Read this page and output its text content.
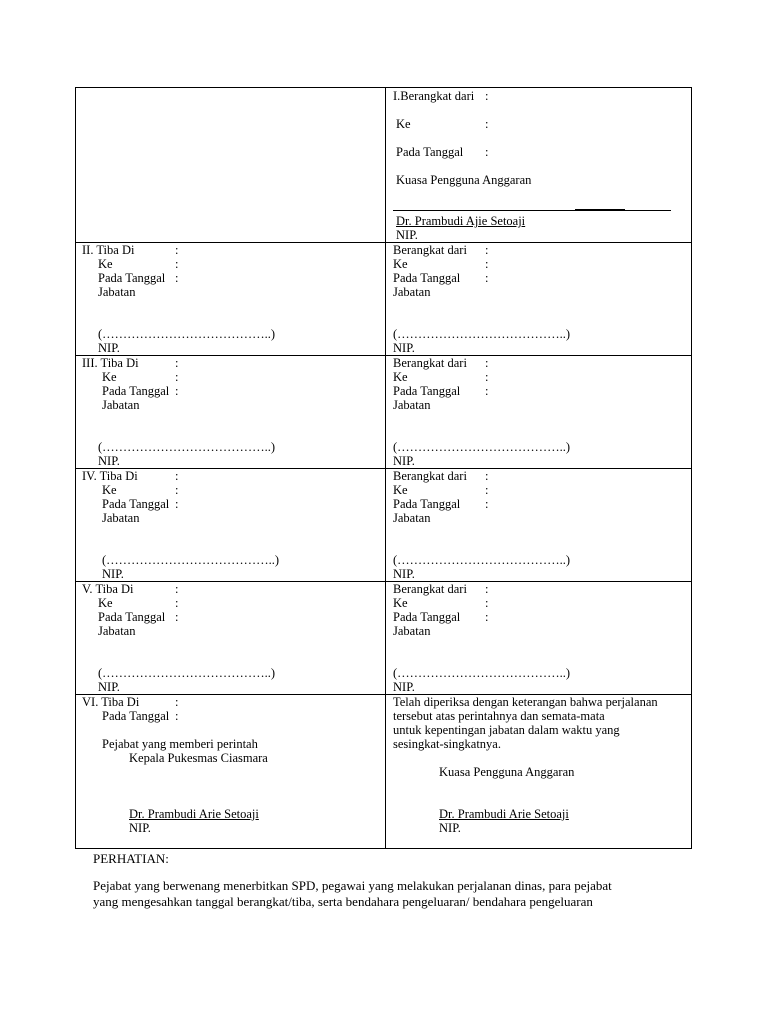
I.Berangkat dari :
Ke	:
Pada Tanggal :
Kuasa Pengguna Anggaran
Dr. Prambudi Ajie Setoaji
NIP.
II. Tiba Di	:
Ke	:
Pada Tanggal :
Jabatan
(…………………………………..)
NIP.
Berangkat dari :
Ke	:
Pada Tanggal :
Jabatan
(…………………………………..)
NIP.
III. Tiba Di	:
Ke	:
Pada Tanggal :
Jabatan
(…………………………………..)
NIP.
Berangkat dari :
Ke	:
Pada Tanggal :
Jabatan
(…………………………………..)
NIP.
IV. Tiba Di	:
Ke	:
Pada Tanggal :
Jabatan
(…………………………………..)
NIP.
Berangkat dari :
Ke	:
Pada Tanggal :
Jabatan
(…………………………………..)
NIP.
V. Tiba Di	:
Ke	:
Pada Tanggal :
Jabatan
(…………………………………..)
NIP.
Berangkat dari :
Ke	:
Pada Tanggal :
Jabatan
(…………………………………..)
NIP.
VI. Tiba Di	:
Pada Tanggal :
Pejabat yang memberi perintah
Kepala Pukesmas Ciasmara
Dr. Prambudi Arie Setoaji
NIP.
Telah diperiksa dengan keterangan bahwa perjalanan
tersebut atas perintahnya dan semata-mata
untuk kepentingan jabatan dalam waktu yang
sesingkat-singkatnya.
Kuasa Pengguna Anggaran
Dr. Prambudi Arie Setoaji
NIP.
PERHATIAN:
Pejabat yang berwenang menerbitkan SPD, pegawai yang melakukan perjalanan dinas, para pejabat
yang mengesahkan tanggal berangkat/tiba, serta bendahara pengeluaran/ bendahara pengeluaran
